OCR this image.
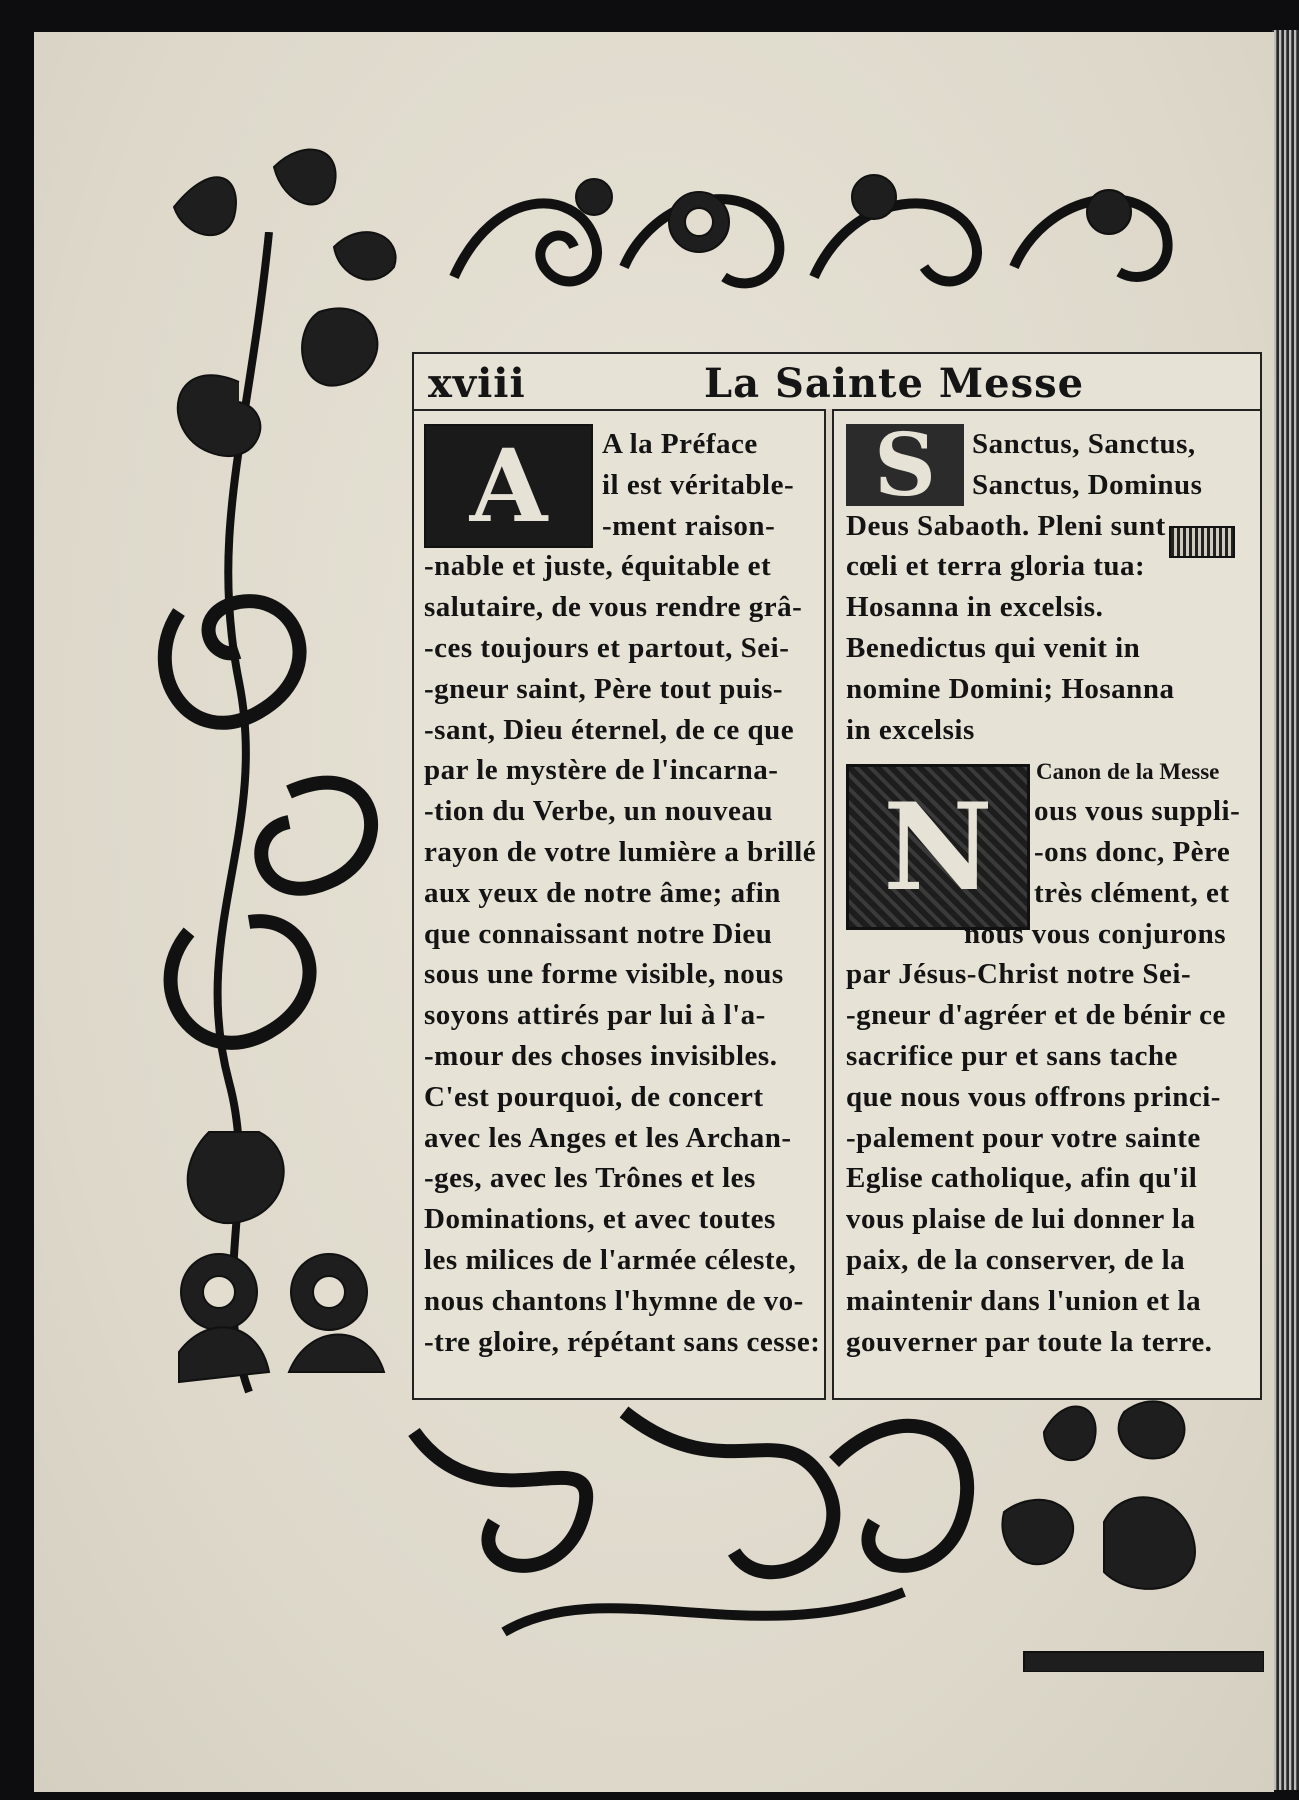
xviii	La Sainte Messe
A	S
N
Canon de la Messe
A la Préface
il est véritable-
-ment raison-
-nable et juste, équitable et
salutaire, de vous rendre grâ-
-ces toujours et partout, Sei-
-gneur saint, Père tout puis-
-sant, Dieu éternel, de ce que
par le mystère de l'incarna-
-tion du Verbe, un nouveau
rayon de votre lumière a brillé
aux yeux de notre âme; afin
que connaissant notre Dieu
sous une forme visible, nous
soyons attirés par lui à l'a-
-mour des choses invisibles.
C'est pourquoi, de concert
avec les Anges et les Archan-
-ges, avec les Trônes et les
Dominations, et avec toutes
les milices de l'armée céleste,
nous chantons l'hymne de vo-
-tre gloire, répétant sans cesse:
Sanctus, Sanctus,
Sanctus, Dominus
Deus Sabaoth. Pleni sunt
cœli et terra gloria tua:
Hosanna in excelsis.
Benedictus qui venit in
nomine Domini; Hosanna
in excelsis
ous vous suppli-
-ons donc, Père
très clément, et
nous vous conjurons
par Jésus-Christ notre Sei-
-gneur d'agréer et de bénir ce
sacrifice pur et sans tache
que nous vous offrons princi-
-palement pour votre sainte
Eglise catholique, afin qu'il
vous plaise de lui donner la
paix, de la conserver, de la
maintenir dans l'union et la
gouverner par toute la terre.
